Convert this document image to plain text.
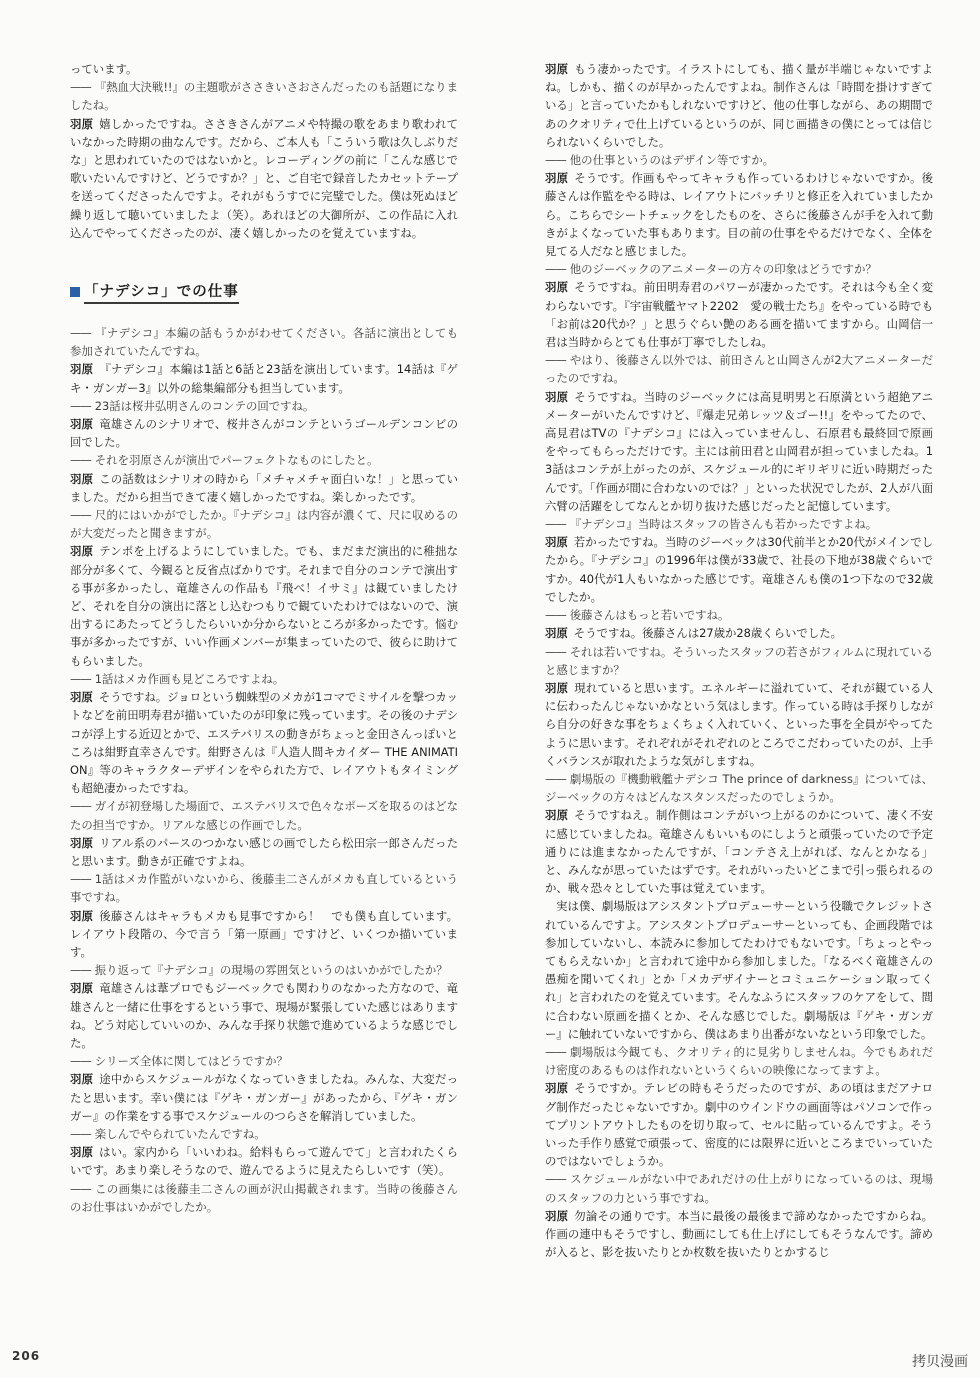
っています。

—— 『熱血大決戦!!』の主題歌がささきいさおさんだったのも話題になりましたね。

羽原 嬉しかったですね。ささきさんがアニメや特撮の歌をあまり歌われていなかった時期の曲なんです。だから、ご本人も「こういう歌は久しぶりだな」と思われていたのではないかと。レコーディングの前に「こんな感じで歌いたいんですけど、どうですか？」と、ご自宅で録音したカセットテープを送ってくださったんですよ。それがもうすでに完璧でした。僕は死ぬほど繰り返して聴いていましたよ（笑）。あれほどの大御所が、この作品に入れ込んでやってくださったのが、凄く嬉しかったのを覚えていますね。

「ナデシコ」での仕事

—— 『ナデシコ』本編の話もうかがわせてください。各話に演出としても参加されていたんですね。

羽原 『ナデシコ』本編は1話と6話と23話を演出しています。14話は『ゲキ・ガンガー3』以外の総集編部分も担当しています。

—— 23話は桜井弘明さんのコンテの回ですね。

羽原 竜雄さんのシナリオで、桜井さんがコンテというゴールデンコンビの回でした。

—— それを羽原さんが演出でパーフェクトなものにしたと。

羽原 この話数はシナリオの時から「メチャメチャ面白いな！」と思っていました。だから担当できて凄く嬉しかったですね。楽しかったです。

—— 尺的にはいかがでしたか。『ナデシコ』は内容が濃くて、尺に収めるのが大変だったと聞きますが。

羽原 テンポを上げるようにしていました。でも、まだまだ演出的に稚拙な部分が多くて、今観ると反省点ばかりです。それまで自分のコンテで演出する事が多かったし、竜雄さんの作品も『飛べ！イサミ』は観ていましたけど、それを自分の演出に落とし込むつもりで観ていたわけではないので、演出するにあたってどうしたらいいか分からないところが多かったです。悩む事が多かったですが、いい作画メンバーが集まっていたので、彼らに助けてもらいました。

—— 1話はメカ作画も見どころですよね。

羽原 そうですね。ジョロという蜘蛛型のメカが1コマでミサイルを撃つカットなどを前田明寿君が描いていたのが印象に残っています。その後のナデシコが浮上する近辺とかで、エステバリスの動きがちょっと金田さんっぽいところは紺野直幸さんです。紺野さんは『人造人間キカイダー THE ANIMATION』等のキャラクターデザインをやられた方で、レイアウトもタイミングも超絶凄かったですね。

—— ガイが初登場した場面で、エステバリスで色々なポーズを取るのはどなたの担当ですか。リアルな感じの作画でした。

羽原 リアル系のパースのつかない感じの画でしたら松田宗一郎さんだったと思います。動きが正確ですよね。

—— 1話はメカ作監がいないから、後藤圭二さんがメカも直しているという事ですね。

羽原 後藤さんはキャラもメカも見事ですから！　でも僕も直しています。レイアウト段階の、今で言う「第一原画」ですけど、いくつか描いています。

—— 振り返って『ナデシコ』の現場の雰囲気というのはいかがでしたか？

羽原 竜雄さんは葦プロでもジーベックでも関わりのなかった方なので、竜雄さんと一緒に仕事をするという事で、現場が緊張していた感じはありますね。どう対応していいのか、みんな手探り状態で進めているような感じでした。

—— シリーズ全体に関してはどうですか？

羽原 途中からスケジュールがなくなっていきましたね。みんな、大変だったと思います。幸い僕には『ゲキ・ガンガー』があったから、『ゲキ・ガンガー』の作業をする事でスケジュールのつらさを解消していました。

—— 楽しんでやられていたんですね。

羽原 はい。家内から「いいわね。給料もらって遊んでて」と言われたくらいです。あまり楽しそうなので、遊んでるように見えたらしいです（笑）。

—— この画集には後藤圭二さんの画が沢山掲載されます。当時の後藤さんのお仕事はいかがでしたか。

羽原 もう凄かったです。イラストにしても、描く量が半端じゃないですよね。しかも、描くのが早かったんですよね。制作さんは「時間を掛けすぎている」と言っていたかもしれないですけど、他の仕事しながら、あの期間であのクオリティで仕上げているというのが、同じ画描きの僕にとっては信じられないくらいでした。

—— 他の仕事というのはデザイン等ですか。

羽原 そうです。作画もやってキャラも作っているわけじゃないですか。後藤さんは作監をやる時は、レイアウトにバッチリと修正を入れていましたから。こちらでシートチェックをしたものを、さらに後藤さんが手を入れて動きがよくなっていた事もあります。目の前の仕事をやるだけでなく、全体を見てる人だなと感じました。

—— 他のジーベックのアニメーターの方々の印象はどうですか？

羽原 そうですね。前田明寿君のパワーが凄かったです。それは今も全く変わらないです。『宇宙戦艦ヤマト2202　愛の戦士たち』をやっている時でも「お前は20代か？」と思うぐらい艶のある画を描いてますから。山岡信一君は当時からとても仕事が丁寧でしたしね。

—— やはり、後藤さん以外では、前田さんと山岡さんが2大アニメーターだったのですね。

羽原 そうですね。当時のジーベックには高見明男と石原満という超絶アニメーターがいたんですけど、『爆走兄弟レッツ＆ゴー!!』をやってたので、高見君はTVの『ナデシコ』には入っていませんし、石原君も最終回で原画をやってもらっただけです。主には前田君と山岡君が担っていましたね。13話はコンテが上がったのが、スケジュール的にギリギリに近い時期だったんです。「作画が間に合わないのでは？」といった状況でしたが、2人が八面六臂の活躍をしてなんとか切り抜けた感じだったと記憶しています。

—— 『ナデシコ』当時はスタッフの皆さんも若かったですよね。

羽原 若かったですね。当時のジーベックは30代前半とか20代がメインでしたから。『ナデシコ』の1996年は僕が33歳で、社長の下地が38歳ぐらいですか。40代が1人もいなかった感じです。竜雄さんも僕の1つ下なので32歳でしたか。

—— 後藤さんはもっと若いですね。

羽原 そうですね。後藤さんは27歳か28歳くらいでした。

—— それは若いですね。そういったスタッフの若さがフィルムに現れていると感じますか？

羽原 現れていると思います。エネルギーに溢れていて、それが観ている人に伝わったんじゃないかなという気はします。作っている時は手探りしながら自分の好きな事をちょくちょく入れていく、といった事を全員がやってたように思います。それぞれがそれぞれのところでこだわっていたのが、上手くバランスが取れたような気がしますね。

—— 劇場版の『機動戦艦ナデシコ The prince of darkness』については、ジーベックの方々はどんなスタンスだったのでしょうか。

羽原 そうですねえ。制作側はコンテがいつ上がるのかについて、凄く不安に感じていましたね。竜雄さんもいいものにしようと頑張っていたので予定通りには進まなかったんですが、「コンテさえ上がれば、なんとかなる」と、みんなが思っていたはずです。それがいったいどこまで引っ張られるのか、戦々恐々としていた事は覚えています。

実は僕、劇場版はアシスタントプロデューサーという役職でクレジットされているんですよ。アシスタントプロデューサーといっても、企画段階では参加していないし、本読みに参加してたわけでもないです。「ちょっとやってもらえないか」と言われて途中から参加しました。「なるべく竜雄さんの愚痴を聞いてくれ」とか「メカデザイナーとコミュニケーション取ってくれ」と言われたのを覚えています。そんなふうにスタッフのケアをして、間に合わない原画を描くとか、そんな感じでした。劇場版は『ゲキ・ガンガー』に触れていないですから、僕はあまり出番がないなという印象でした。

—— 劇場版は今観ても、クオリティ的に見劣りしませんね。今でもあれだけ密度のあるものは作れないというくらいの映像になってますよ。

羽原 そうですか。テレビの時もそうだったのですが、あの頃はまだアナログ制作だったじゃないですか。劇中のウインドウの画面等はパソコンで作ってプリントアウトしたものを切り取って、セルに貼っているんですよ。そういった手作り感覚で頑張って、密度的には限界に近いところまでいっていたのではないでしょうか。

—— スケジュールがない中であれだけの仕上がりになっているのは、現場のスタッフの力という事ですね。

羽原 勿論その通りです。本当に最後の最後まで諦めなかったですからね。作画の連中もそうですし、動画にしても仕上げにしてもそうなんです。諦めが入ると、影を抜いたりとか枚数を抜いたりとかするじ

206	拷贝漫画
